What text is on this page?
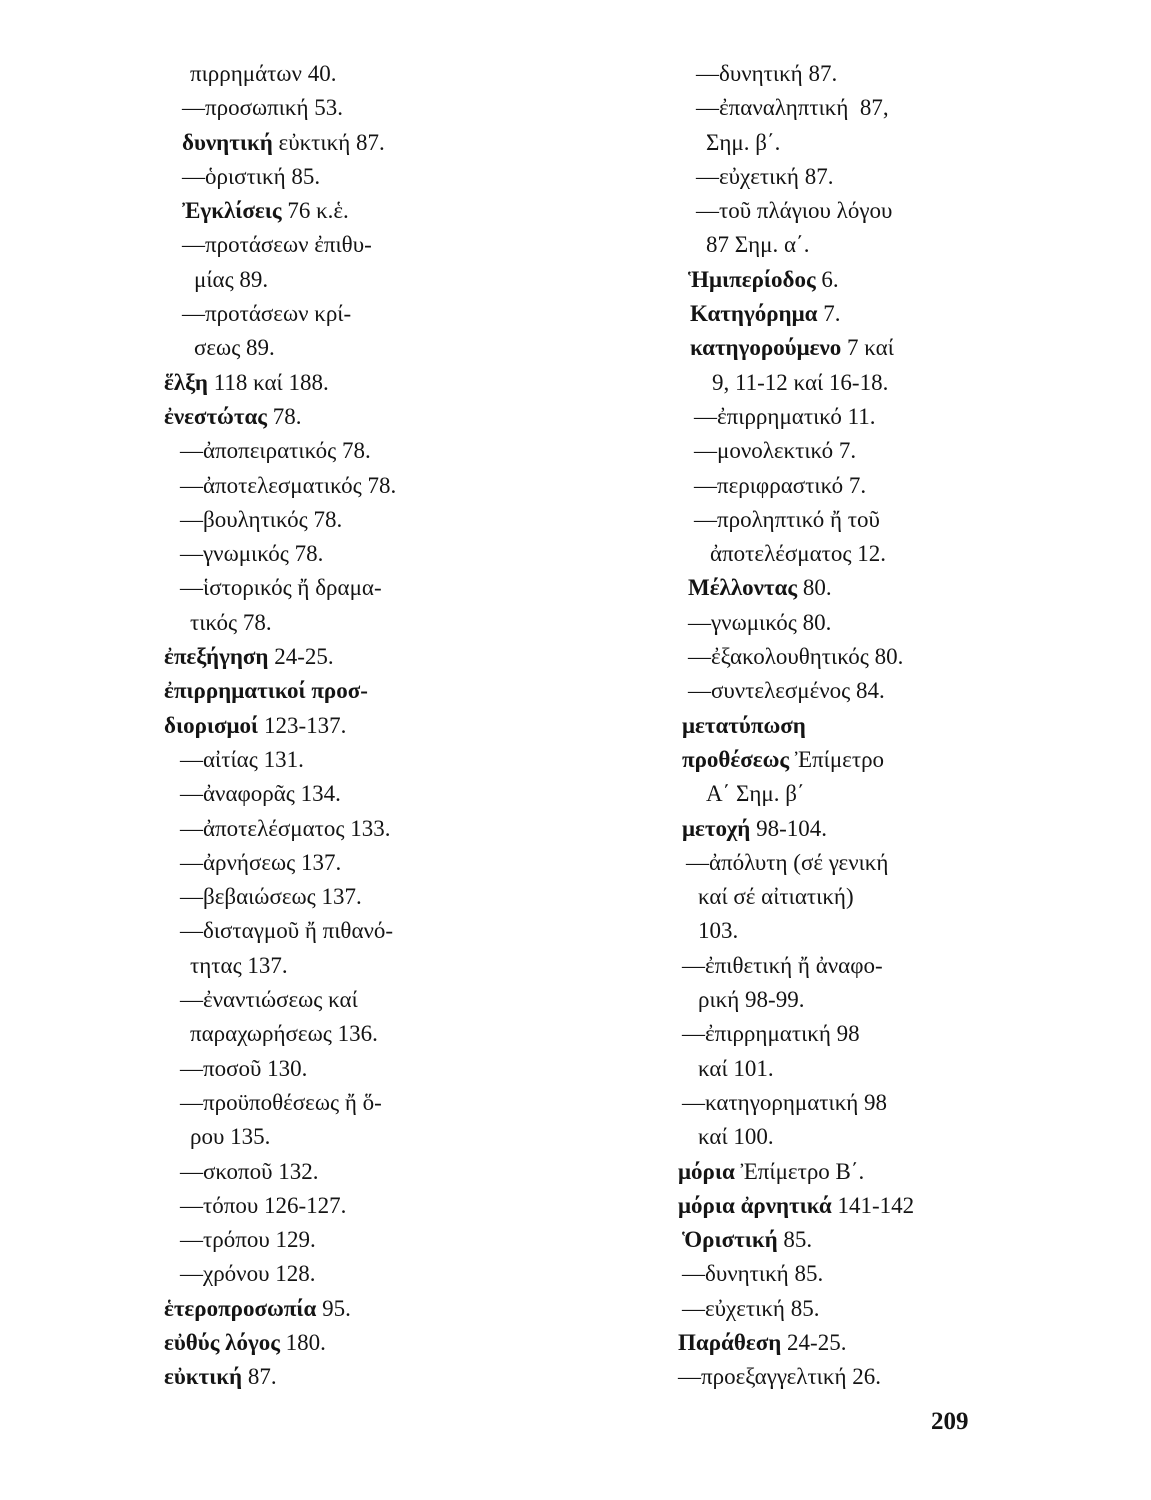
πιρρημάτων 40.
—προσωπική 53.
δυνητική εὐκτική 87.
—ὁριστική 85.
Ἐγκλίσεις 76 κ.ἑ.
—προτάσεων ἐπιθυ-
μίας 89.
—προτάσεων κρί-
σεως 89.
ἕλξη 118 καί 188.
ἐνεστώτας 78.
—ἀποπειρατικός 78.
—ἀποτελεσματικός 78.
—βουλητικός 78.
—γνωμικός 78.
—ἱστορικός ἤ δραμα-
τικός 78.
ἐπεξήγηση 24-25.
ἐπιρρηματικοί προσ-
διορισμοί 123-137.
—αἰτίας 131.
—ἀναφορᾶς 134.
—ἀποτελέσματος 133.
—ἀρνήσεως 137.
—βεβαιώσεως 137.
—δισταγμοῦ ἤ πιθανό-
τητας 137.
—ἐναντιώσεως καί
παραχωρήσεως 136.
—ποσοῦ 130.
—προϋποθέσεως ἤ ὅ-
ρου 135.
—σκοποῦ 132.
—τόπου 126-127.
—τρόπου 129.
—χρόνου 128.
ἑτεροπροσωπία 95.
εὐθύς λόγος 180.
εὐκτική 87.
—δυνητική 87.
—ἐπαναληπτική  87,
Σημ. β΄.
—εὐχετική 87.
—τοῦ πλάγιου λόγου
87 Σημ. α΄.
Ἡμιπερίοδος 6.
Κατηγόρημα 7.
κατηγορούμενο 7 καί
9, 11-12 καί 16-18.
—ἐπιρρηματικό 11.
—μονολεκτικό 7.
—περιφραστικό 7.
—προληπτικό ἤ τοῦ
ἀποτελέσματος 12.
Μέλλοντας 80.
—γνωμικός 80.
—ἐξακολουθητικός 80.
—συντελεσμένος 84.
μετατύπωση
προθέσεως Ἐπίμετρο
Α΄ Σημ. β΄
μετοχή 98-104.
—ἀπόλυτη (σέ γενική
καί σέ αἰτιατική)
103.
—ἐπιθετική ἤ ἀναφο-
ρική 98-99.
—ἐπιρρηματική 98
καί 101.
—κατηγορηματική 98
καί 100.
μόρια Ἐπίμετρο Β΄.
μόρια ἀρνητικά 141-142
Ὁριστική 85.
—δυνητική 85.
—εὐχετική 85.
Παράθεση 24-25.
—προεξαγγελτική 26.
209
